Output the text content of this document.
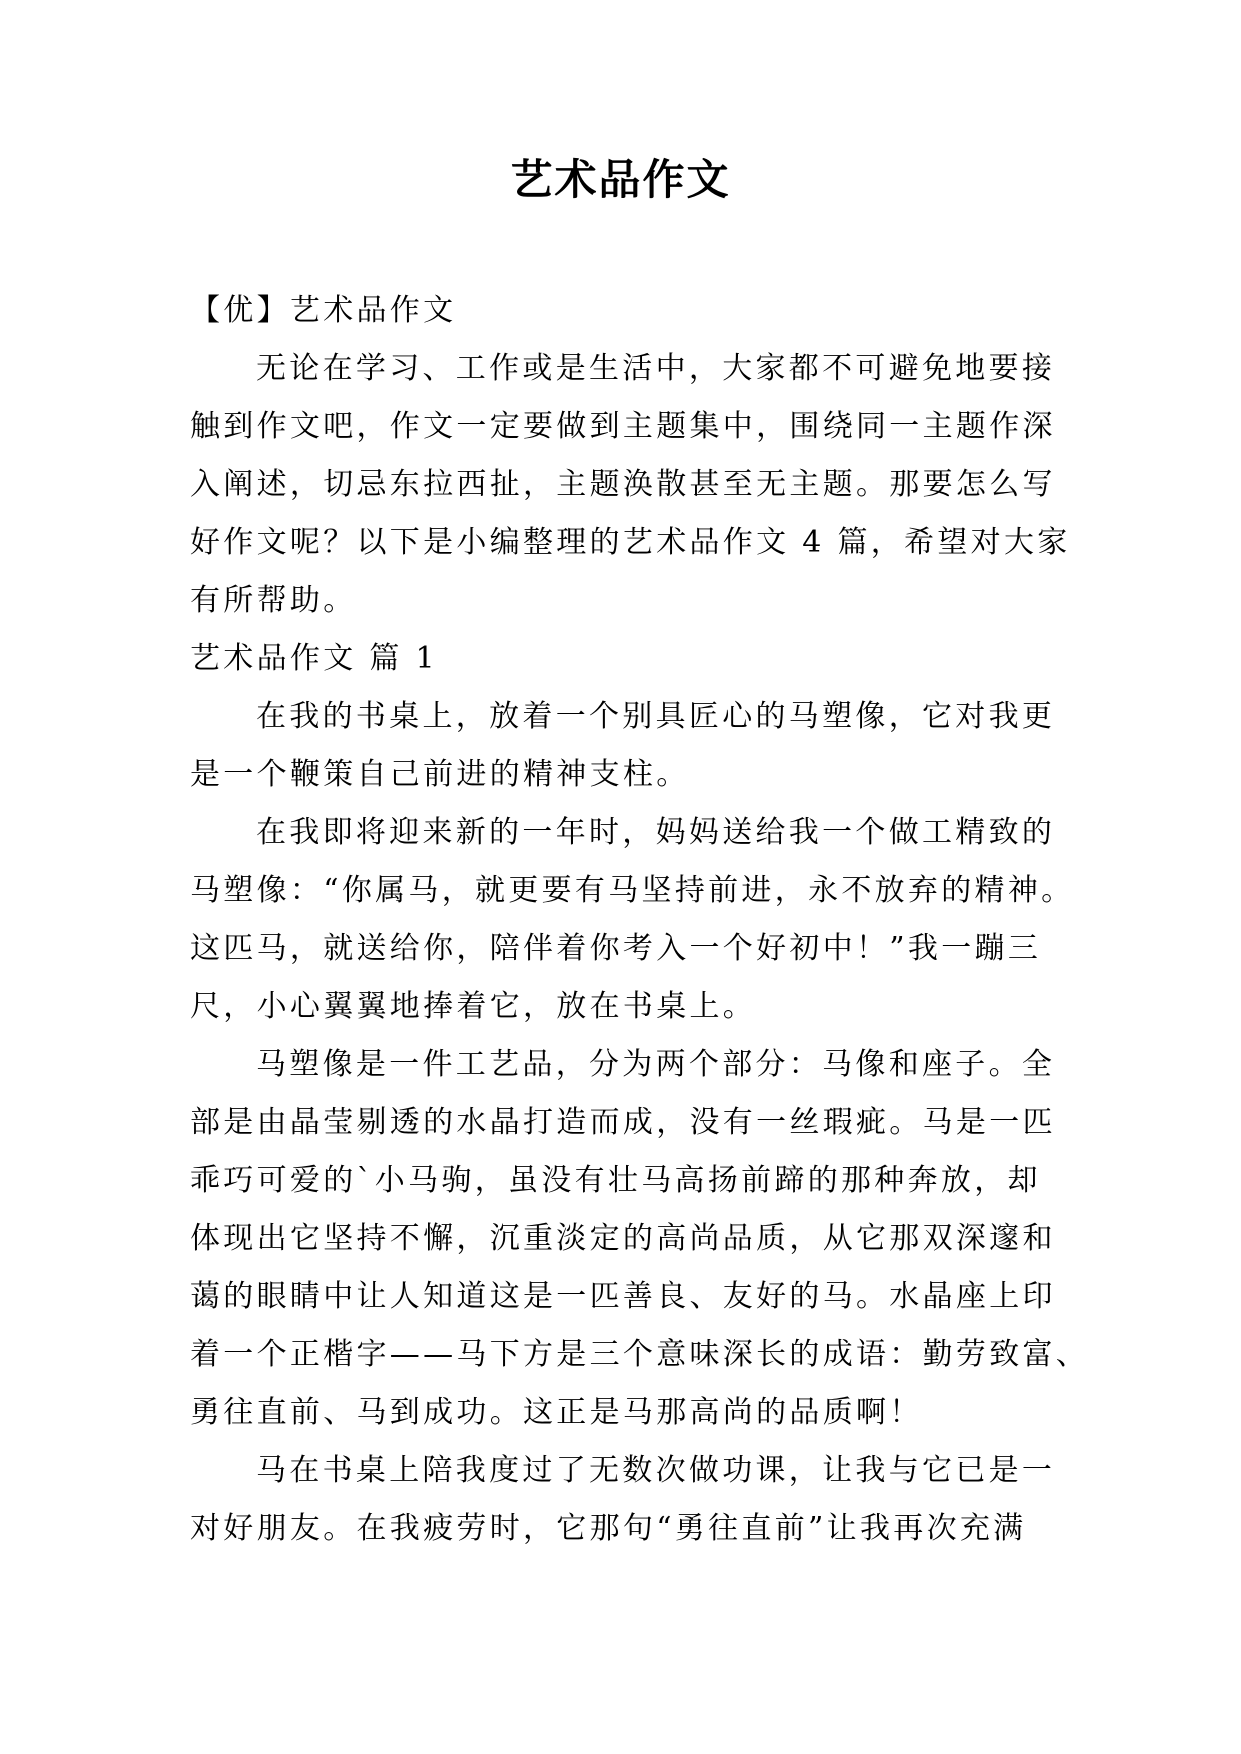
艺术品作文
【优】艺术品作文
无论在学习、工作或是生活中，大家都不可避免地要接
触到作文吧，作文一定要做到主题集中，围绕同一主题作深
入阐述，切忌东拉西扯，主题涣散甚至无主题。那要怎么写
好作文呢？以下是小编整理的艺术品作文 4 篇，希望对大家
有所帮助。
艺术品作文 篇 1
在我的书桌上，放着一个别具匠心的马塑像，它对我更
是一个鞭策自己前进的精神支柱。
在我即将迎来新的一年时，妈妈送给我一个做工精致的
马塑像：“你属马，就更要有马坚持前进，永不放弃的精神。
这匹马，就送给你，陪伴着你考入一个好初中！”我一蹦三
尺，小心翼翼地捧着它，放在书桌上。
马塑像是一件工艺品，分为两个部分：马像和座子。全
部是由晶莹剔透的水晶打造而成，没有一丝瑕疵。马是一匹
乖巧可爱的`小马驹，虽没有壮马高扬前蹄的那种奔放，却
体现出它坚持不懈，沉重淡定的高尚品质，从它那双深邃和
蔼的眼睛中让人知道这是一匹善良、友好的马。水晶座上印
着一个正楷字——马下方是三个意味深长的成语：勤劳致富、
勇往直前、马到成功。这正是马那高尚的品质啊！
马在书桌上陪我度过了无数次做功课，让我与它已是一
对好朋友。在我疲劳时，它那句“勇往直前”让我再次充满
